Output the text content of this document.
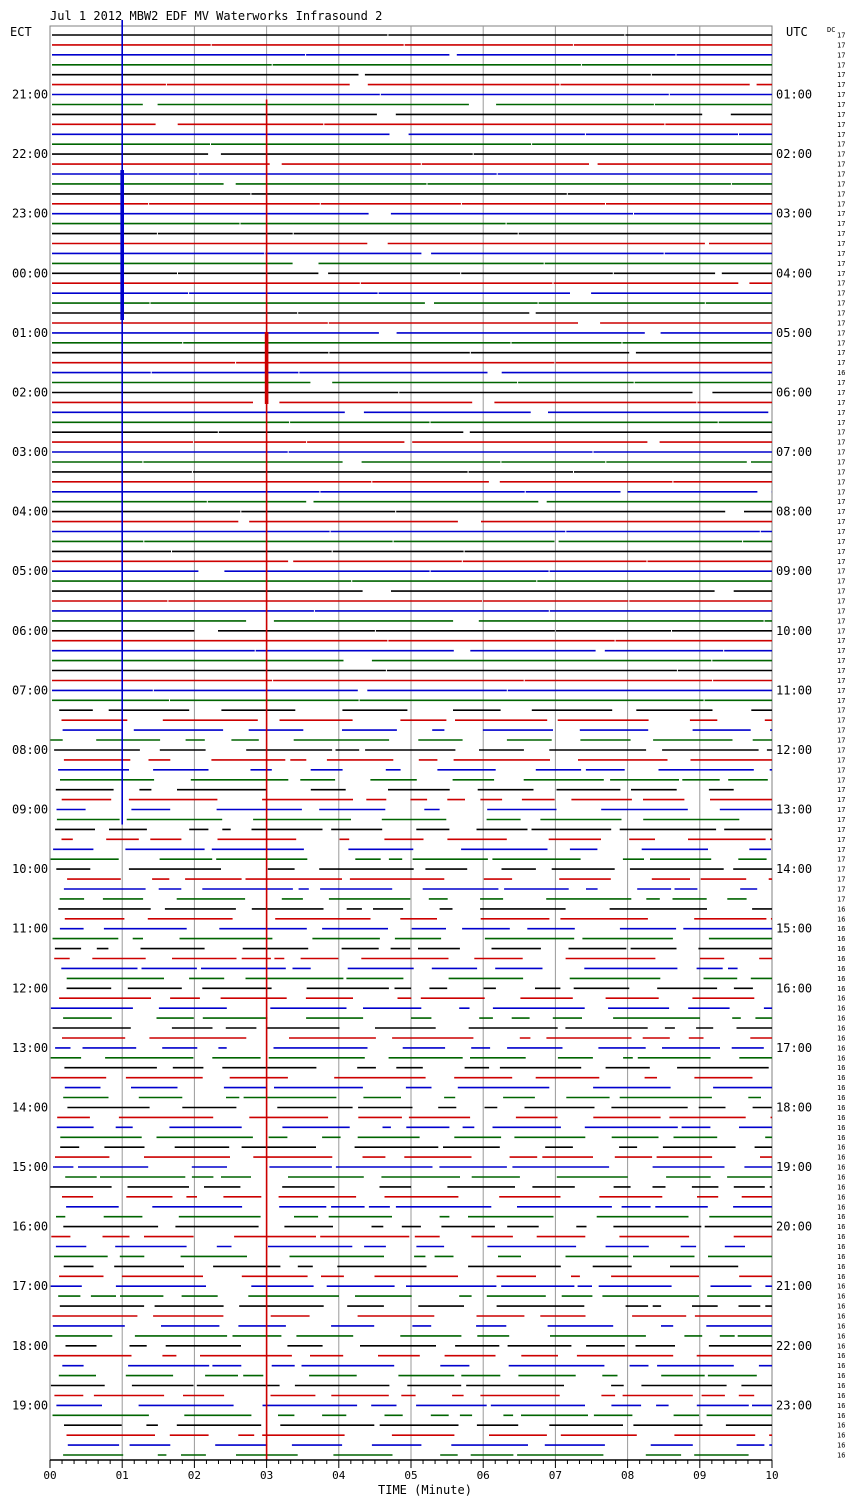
Jul 1 2012 MBW2 EDF MV Waterworks Infrasound 2
ECT	UTC	DC
TIME (Minute)
00	01	02	03	04	05	06	07	08	09	10
17
17
17
17
17
17
17
17
17
17
17
17
17
17
17
17
17
17
17
17
17
17
17
17
17
17
17
17
17
17
17
17
17
17
16
17
17
17
17
17
17
17
17
17
17
17
17
17
17
17
17
17
17
17
17
17
17
17
17
17
17
17
17
17
17
17
17
17
17
17
17
17
17
17
17
17
17
17
17
17
17
17
17
17
17
17
17
17
16
16
16
16
16
16
16
16
16
16
16
16
16
16
16
16
16
16
16
16
16
16
16
16
16
16
16
16
16
16
16
16
16
16
16
16
16
16
16
16
16
16
16
16
16
16
16
16
16
16
16
16
16
16
16
16
21:00
22:00
23:00
00:00
01:00
02:00
03:00
04:00
05:00
06:00
07:00
08:00
09:00
10:00
11:00
12:00
13:00
14:00
15:00
16:00
17:00
18:00
19:00
01:00
02:00
03:00
04:00
05:00
06:00
07:00
08:00
09:00
10:00
11:00
12:00
13:00
14:00
15:00
16:00
17:00
18:00
19:00
20:00
21:00
22:00
23:00
